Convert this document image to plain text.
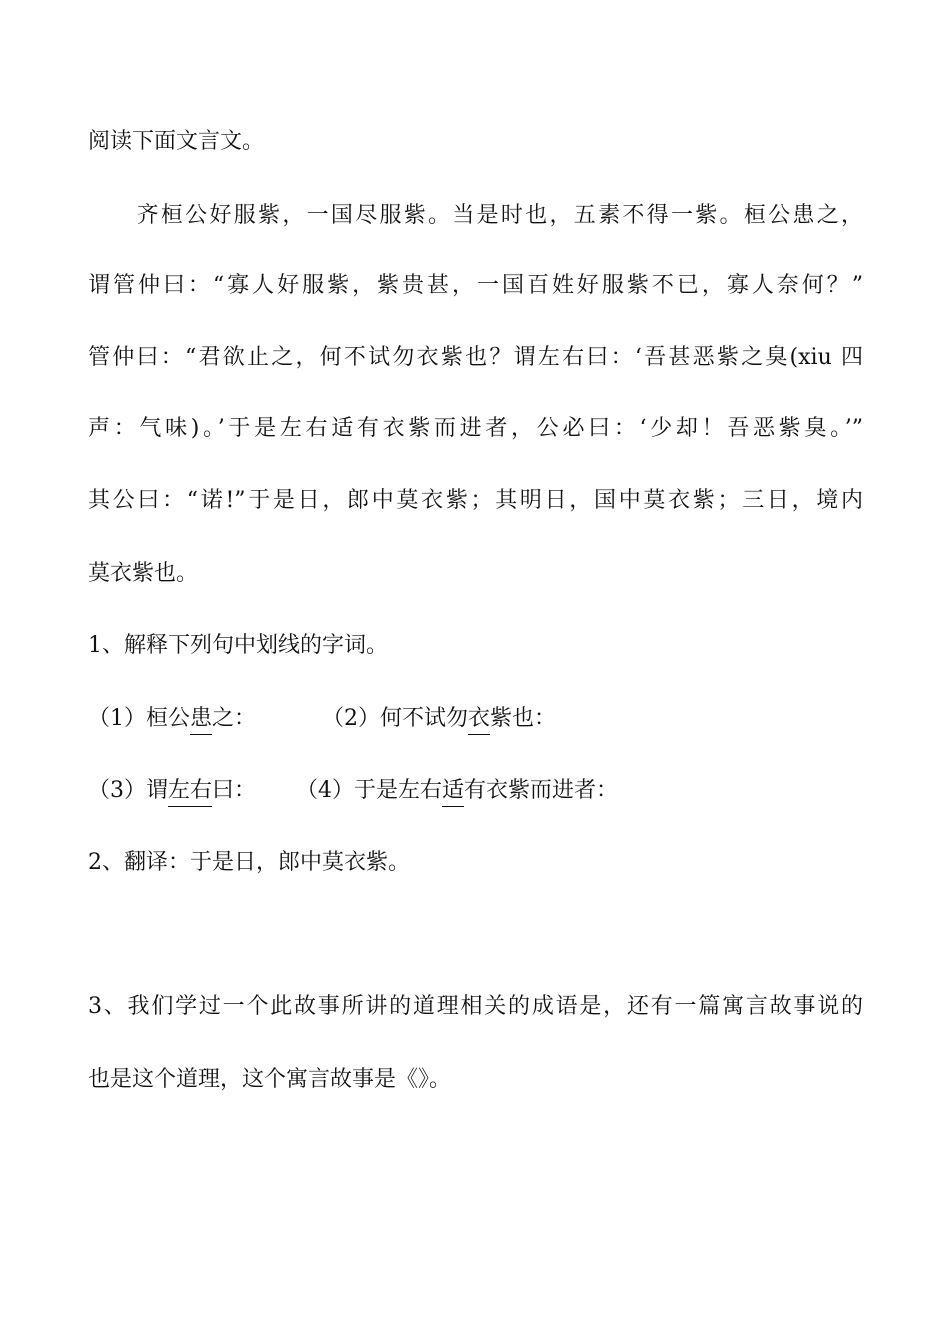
阅读下面文言文。
　　齐桓公好服紫，一国尽服紫。当是时也，五素不得一紫。桓公患之，
谓管仲曰：“寡人好服紫，紫贵甚，一国百姓好服紫不已，寡人奈何？”
管仲曰：“君欲止之，何不试勿衣紫也？谓左右曰：‘吾甚恶紫之臭(xiu 四
声：气味)。’于是左右适有衣紫而进者，公必曰：‘少却！吾恶紫臭。’”
其公曰：“诺!”于是日，郎中莫衣紫；其明日，国中莫衣紫；三日，境内
莫衣紫也。
1、解释下列句中划线的字词。
（1）桓公患之：	（2）何不试勿衣紫也：
（3）谓左右曰： （4）于是左右适有衣紫而进者：
2、翻译：于是日，郎中莫衣紫。
3、我们学过一个此故事所讲的道理相关的成语是，还有一篇寓言故事说的
也是这个道理，这个寓言故事是《》。
